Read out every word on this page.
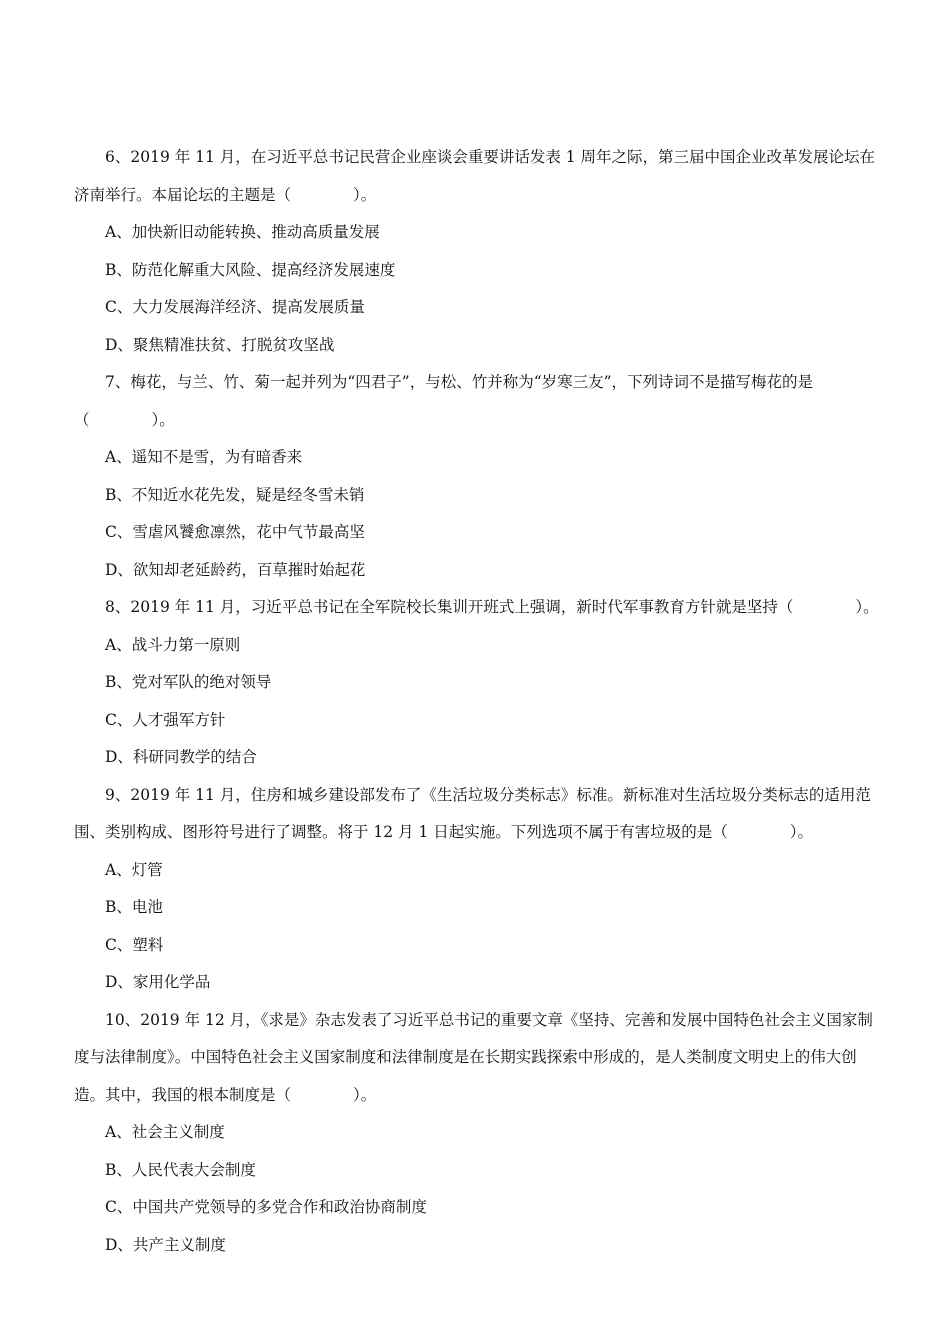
6、2019 年 11 月，在习近平总书记民营企业座谈会重要讲话发表 1 周年之际，第三届中国企业改革发展论坛在济南举行。本届论坛的主题是（　　　　）。

A、加快新旧动能转换、推动高质量发展

B、防范化解重大风险、提高经济发展速度

C、大力发展海洋经济、提高发展质量

D、聚焦精准扶贫、打脱贫攻坚战

7、梅花，与兰、竹、菊一起并列为“四君子”，与松、竹并称为“岁寒三友”，下列诗词不是描写梅花的是（　　　　）。

A、遥知不是雪，为有暗香来

B、不知近水花先发，疑是经冬雪未销

C、雪虐风饕愈凛然，花中气节最高坚

D、欲知却老延龄药，百草摧时始起花

8、2019 年 11 月，习近平总书记在全军院校长集训开班式上强调，新时代军事教育方针就是坚持（　　　　）。

A、战斗力第一原则

B、党对军队的绝对领导

C、人才强军方针

D、科研同教学的结合

9、2019 年 11 月，住房和城乡建设部发布了《生活垃圾分类标志》标准。新标准对生活垃圾分类标志的适用范围、类别构成、图形符号进行了调整。将于 12 月 1 日起实施。下列选项不属于有害垃圾的是（　　　　）。

A、灯管

B、电池

C、塑料

D、家用化学品

10、2019 年 12 月，《求是》杂志发表了习近平总书记的重要文章《坚持、完善和发展中国特色社会主义国家制度与法律制度》。中国特色社会主义国家制度和法律制度是在长期实践探索中形成的，是人类制度文明史上的伟大创造。其中，我国的根本制度是（　　　　）。

A、社会主义制度

B、人民代表大会制度

C、中国共产党领导的多党合作和政治协商制度

D、共产主义制度
